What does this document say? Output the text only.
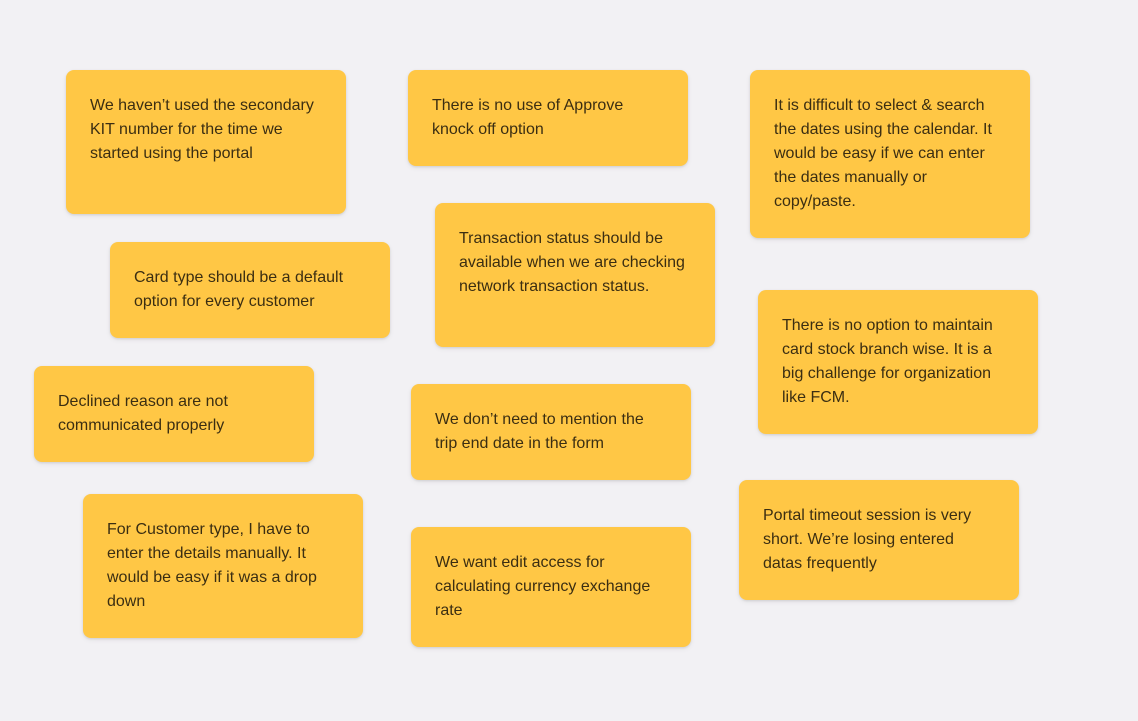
We haven’t used the secondary KIT number for the time we started using the portal
There is no use of Approve knock off option
It is difficult to select & search the dates using the calendar. It would be easy if we can enter the dates manually or copy/paste.
Card type should be a default option for every customer
Transaction status should be available when we are checking network transaction status.
There is no option to maintain card stock branch wise. It is a big challenge for organization like FCM.
Declined reason are not communicated properly	We don’t need to mention the trip end date in the form
For Customer type, I have to enter the details manually. It would be easy if it was a drop down
We want edit access for calculating currency exchange rate
Portal timeout session is very short. We’re losing entered datas frequently
